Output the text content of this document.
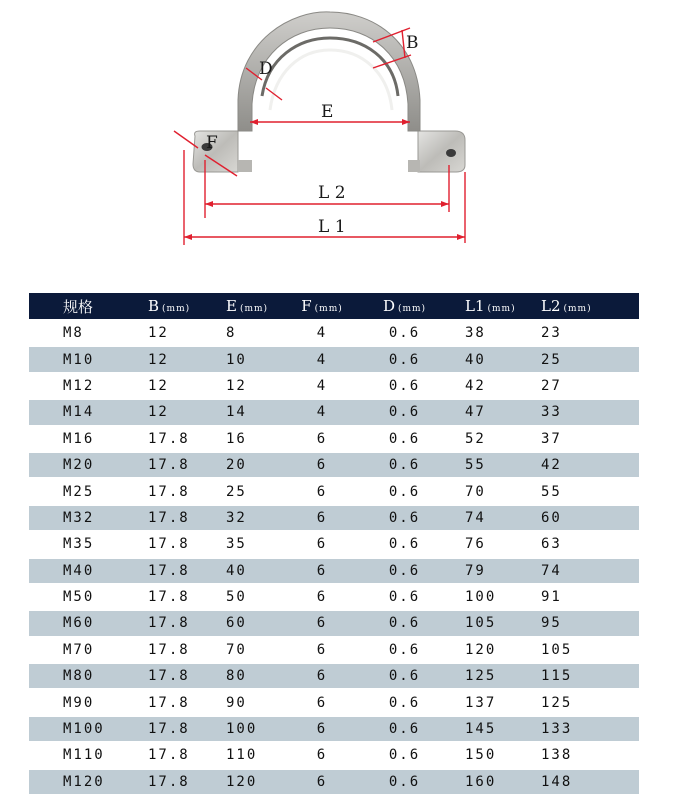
B
D
E
F
L 2
L 1
规格	B (mm)	E (mm)	F (mm)	D (mm)	L1 (mm)	L2 (mm)
M8	12	8	4	0.6	38	23
M10	12	10	4	0.6	40	25
M12	12	12	4	0.6	42	27
M14	12	14	4	0.6	47	33
M16	17.8	16	6	0.6	52	37
M20	17.8	20	6	0.6	55	42
M25	17.8	25	6	0.6	70	55
M32	17.8	32	6	0.6	74	60
M35	17.8	35	6	0.6	76	63
M40	17.8	40	6	0.6	79	74
M50	17.8	50	6	0.6	100	91
M60	17.8	60	6	0.6	105	95
M70	17.8	70	6	0.6	120	105
M80	17.8	80	6	0.6	125	115
M90	17.8	90	6	0.6	137	125
M100	17.8	100	6	0.6	145	133
M110	17.8	110	6	0.6	150	138
M120	17.8	120	6	0.6	160	148
